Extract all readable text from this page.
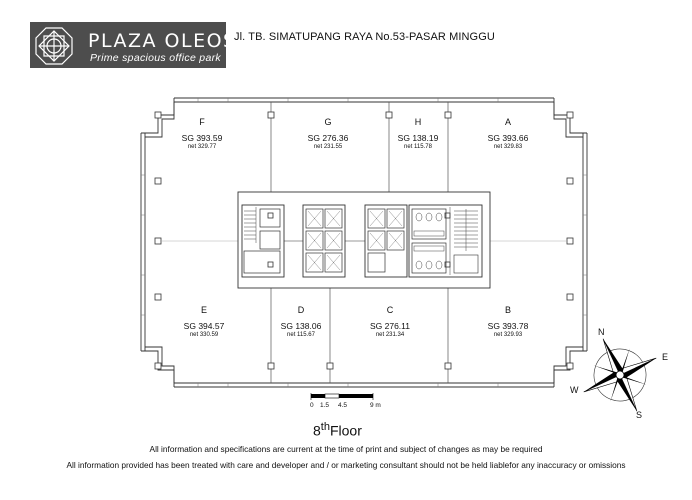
PLAZA OLEOS
Prime spacious office park
Jl. TB. SIMATUPANG RAYA No.53-PASAR MINGGU
F
SG 393.59
net 329.77
G
SG 276.36
net 231.55
H
SG 138.19
net 115.78
A
SG 393.66
net 329.83
E
SG 394.57
net 330.59
D
SG 138.06
net 115.67
C
SG 276.11
net 231.34
B
SG 393.78
net 329.93
0 1.5 4.5	9 m
N
E
S
W
8thFloor
All information and specifications are current at the time of print and subject of changes as may be required
All information provided has been treated with care and developer and / or marketing consultant should not be held liablefor any inaccuracy or omissions
